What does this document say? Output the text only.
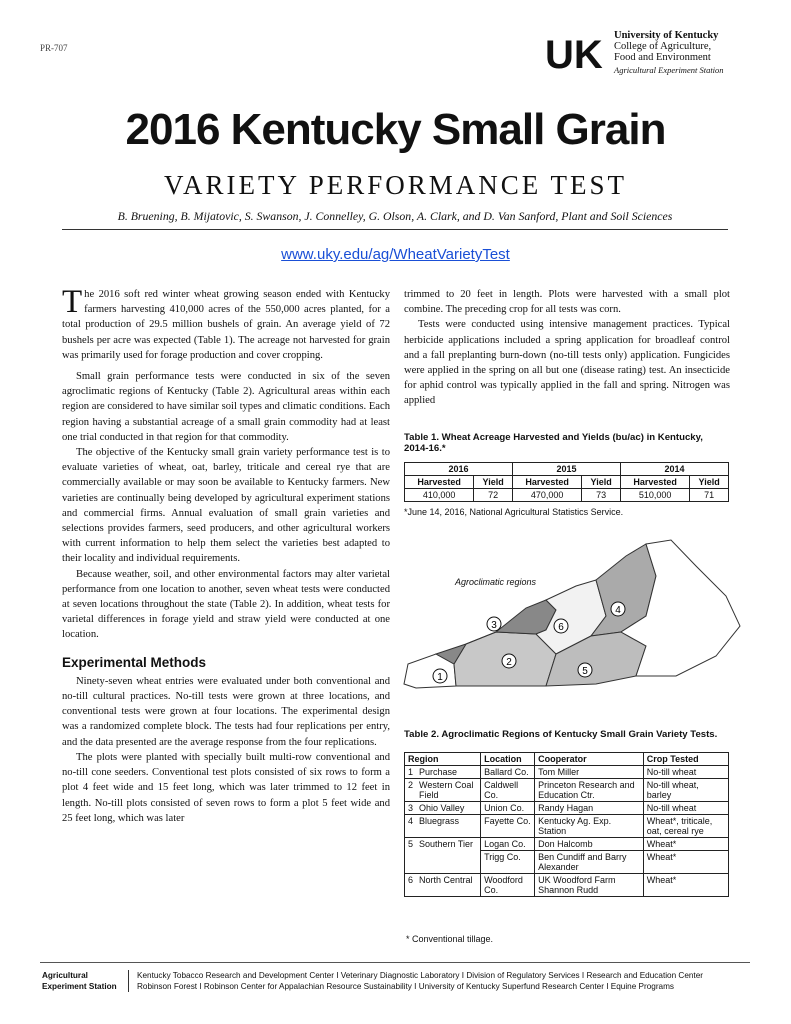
PR-707	UK University of Kentucky
College of Agriculture,
Food and Environment
Agricultural Experiment Station
2016 Kentucky Small Grain
VARIETY PERFORMANCE TEST
B. Bruening, B. Mijatovic, S. Swanson, J. Connelley, G. Olson, A. Clark, and D. Van Sanford, Plant and Soil Sciences
www.uky.edu/ag/WheatVarietyTest

The 2016 soft red winter wheat growing season ended with Kentucky farmers harvesting 410,000 acres of the 550,000 acres planted, for a total production of 29.5 million bushels of grain. An average yield of 72 bushels per acre was expected (Table 1). The acreage not harvested for grain was primarily used for forage production and cover cropping.

Small grain performance tests were conducted in six of the seven agroclimatic regions of Kentucky (Table 2). Agricultural areas within each region are considered to have similar soil types and climatic conditions. Each region having a substantial acreage of a small grain commodity had at least one trial conducted in that region for that commodity.

The objective of the Kentucky small grain variety performance test is to evaluate varieties of wheat, oat, barley, triticale and cereal rye that are commercially available or may soon be available to Kentucky farmers. New varieties are continually being developed by agricultural experiment stations and commercial firms. Annual evaluation of small grain varieties and selections provides farmers, seed producers, and other agricultural workers with current information to help them select the varieties best adapted to their locality and individual requirements.

Because weather, soil, and other environmental factors may alter varietal performance from one location to another, seven wheat tests were conducted at seven locations throughout the state (Table 2). In addition, wheat tests for varietal differences in forage yield and straw yield were conducted at one location.

Experimental Methods

Ninety-seven wheat entries were evaluated under both conventional and no-till cultural practices. No-till tests were grown at three locations, and conventional tests were grown at four locations. The experimental design was a randomized complete block. The tests had four replications per entry, and the data presented are the average response from the four replications.

The plots were planted with specially built multi-row conventional and no-till cone seeders. Conventional test plots consisted of six rows to form a plot 4 feet wide and 15 feet long, which was later trimmed to 12 feet in length. No-till plots consisted of seven rows to form a plot 5 feet wide and 25 feet long, which was later

trimmed to 20 feet in length. Plots were harvested with a small plot combine. The preceding crop for all tests was corn.

Tests were conducted using intensive management practices. Typical herbicide applications included a spring application for broadleaf control and a fall preplanting burn-down (no-till tests only) application. Fungicides were applied in the spring on all but one (disease rating) test. An insecticide for aphid control was typically applied in the fall and spring. Nitrogen was applied

Table 1. Wheat Acreage Harvested and Yields (bu/ac) in Kentucky, 2014-16.*
2016		2015		2014	
Harvested	Yield	Harvested	Yield	Harvested	Yield
410,000	72	470,000	73	510,000	71
*June 14, 2016, National Agricultural Statistics Service.
1
2
3
4
5
6
Agroclimatic regions
Table 2. Agroclimatic Regions of Kentucky Small Grain Variety Tests.
Region		Location	Cooperator	Crop Tested
1	Purchase	Ballard Co.	Tom Miller	No-till wheat
2	Western Coal Field	Caldwell Co.	Princeton Research and Education Ctr.	No-till wheat, barley
3	Ohio Valley	Union Co.	Randy Hagan	No-till wheat
4	Bluegrass	Fayette Co.	Kentucky Ag. Exp. Station	Wheat*, triticale, oat, cereal rye
5	Southern Tier	Logan Co.	Don Halcomb	Wheat*
		Trigg Co.	Ben Cundiff and Barry Alexander	Wheat*
6	North Central	Woodford Co.	UK Woodford Farm Shannon Rudd	Wheat*
* Conventional tillage.
Agricultural
Experiment Station
Kentucky Tobacco Research and Development Center I Veterinary Diagnostic Laboratory I Division of Regulatory Services I Research and Education Center
Robinson Forest I Robinson Center for Appalachian Resource Sustainability I University of Kentucky Superfund Research Center I Equine Programs
